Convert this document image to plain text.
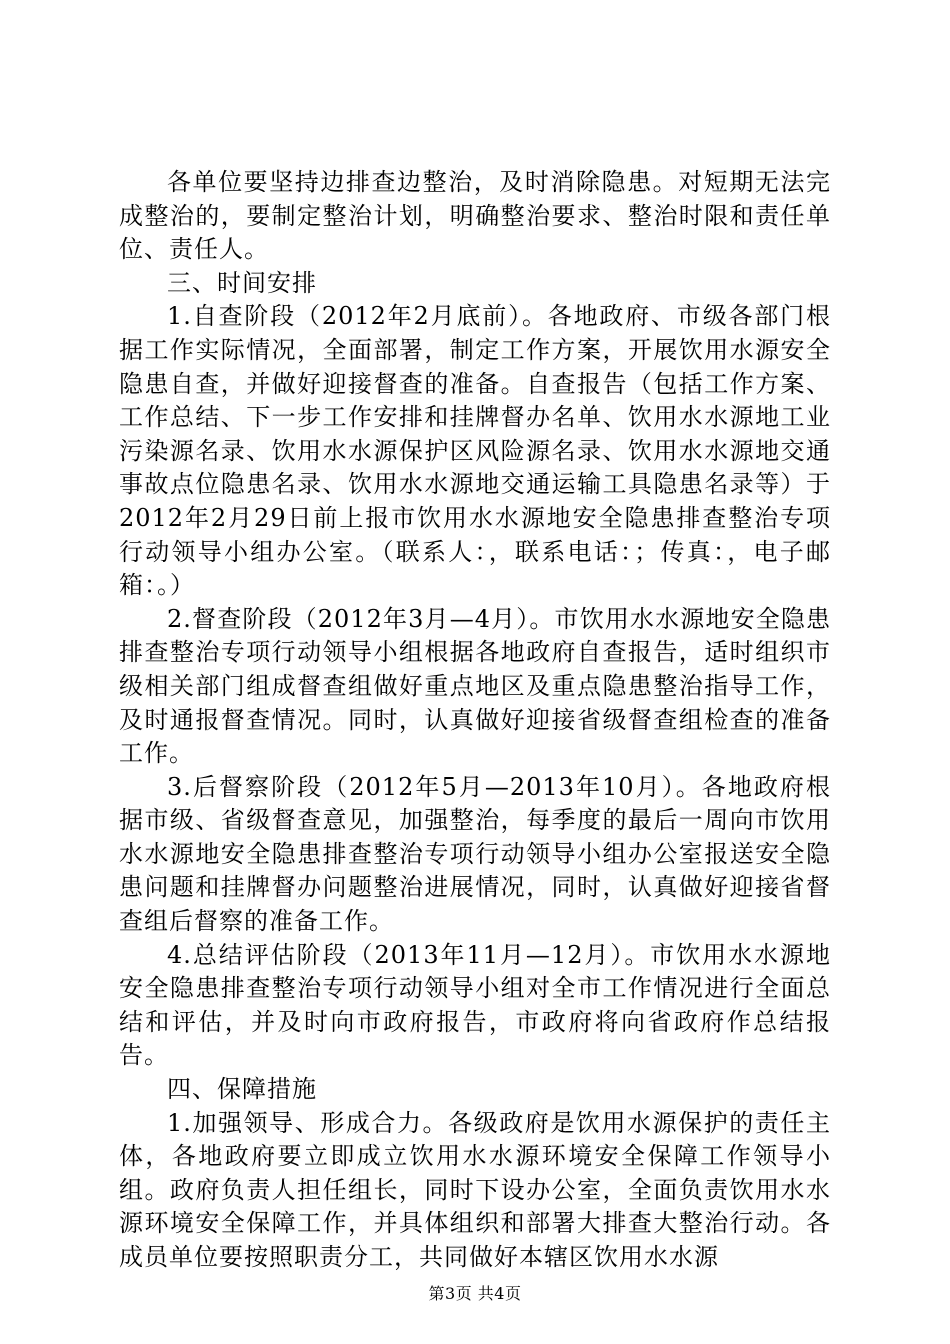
各单位要坚持边排查边整治，及时消除隐患。对短期无法完成整治的，要制定整治计划，明确整治要求、整治时限和责任单位、责任人。

三、时间安排

1.自查阶段（2012年2月底前）。各地政府、市级各部门根据工作实际情况，全面部署，制定工作方案，开展饮用水源安全隐患自查，并做好迎接督查的准备。自查报告（包括工作方案、工作总结、下一步工作安排和挂牌督办名单、饮用水水源地工业污染源名录、饮用水水源保护区风险源名录、饮用水水源地交通事故点位隐患名录、饮用水水源地交通运输工具隐患名录等）于2012年2月29日前上报市饮用水水源地安全隐患排查整治专项行动领导小组办公室。（联系人：，联系电话：；传真：，电子邮箱：。）

2.督查阶段（2012年3月—4月）。市饮用水水源地安全隐患排查整治专项行动领导小组根据各地政府自查报告，适时组织市级相关部门组成督查组做好重点地区及重点隐患整治指导工作，及时通报督查情况。同时，认真做好迎接省级督查组检查的准备工作。

3.后督察阶段（2012年5月—2013年10月）。各地政府根据市级、省级督查意见，加强整治，每季度的最后一周向市饮用水水源地安全隐患排查整治专项行动领导小组办公室报送安全隐患问题和挂牌督办问题整治进展情况，同时，认真做好迎接省督查组后督察的准备工作。

4.总结评估阶段（2013年11月—12月）。市饮用水水源地安全隐患排查整治专项行动领导小组对全市工作情况进行全面总结和评估，并及时向市政府报告，市政府将向省政府作总结报告。

四、保障措施

1.加强领导、形成合力。各级政府是饮用水源保护的责任主体，各地政府要立即成立饮用水水源环境安全保障工作领导小组。政府负责人担任组长，同时下设办公室，全面负责饮用水水源环境安全保障工作，并具体组织和部署大排查大整治行动。各成员单位要按照职责分工，共同做好本辖区饮用水水源

第3页 共4页
